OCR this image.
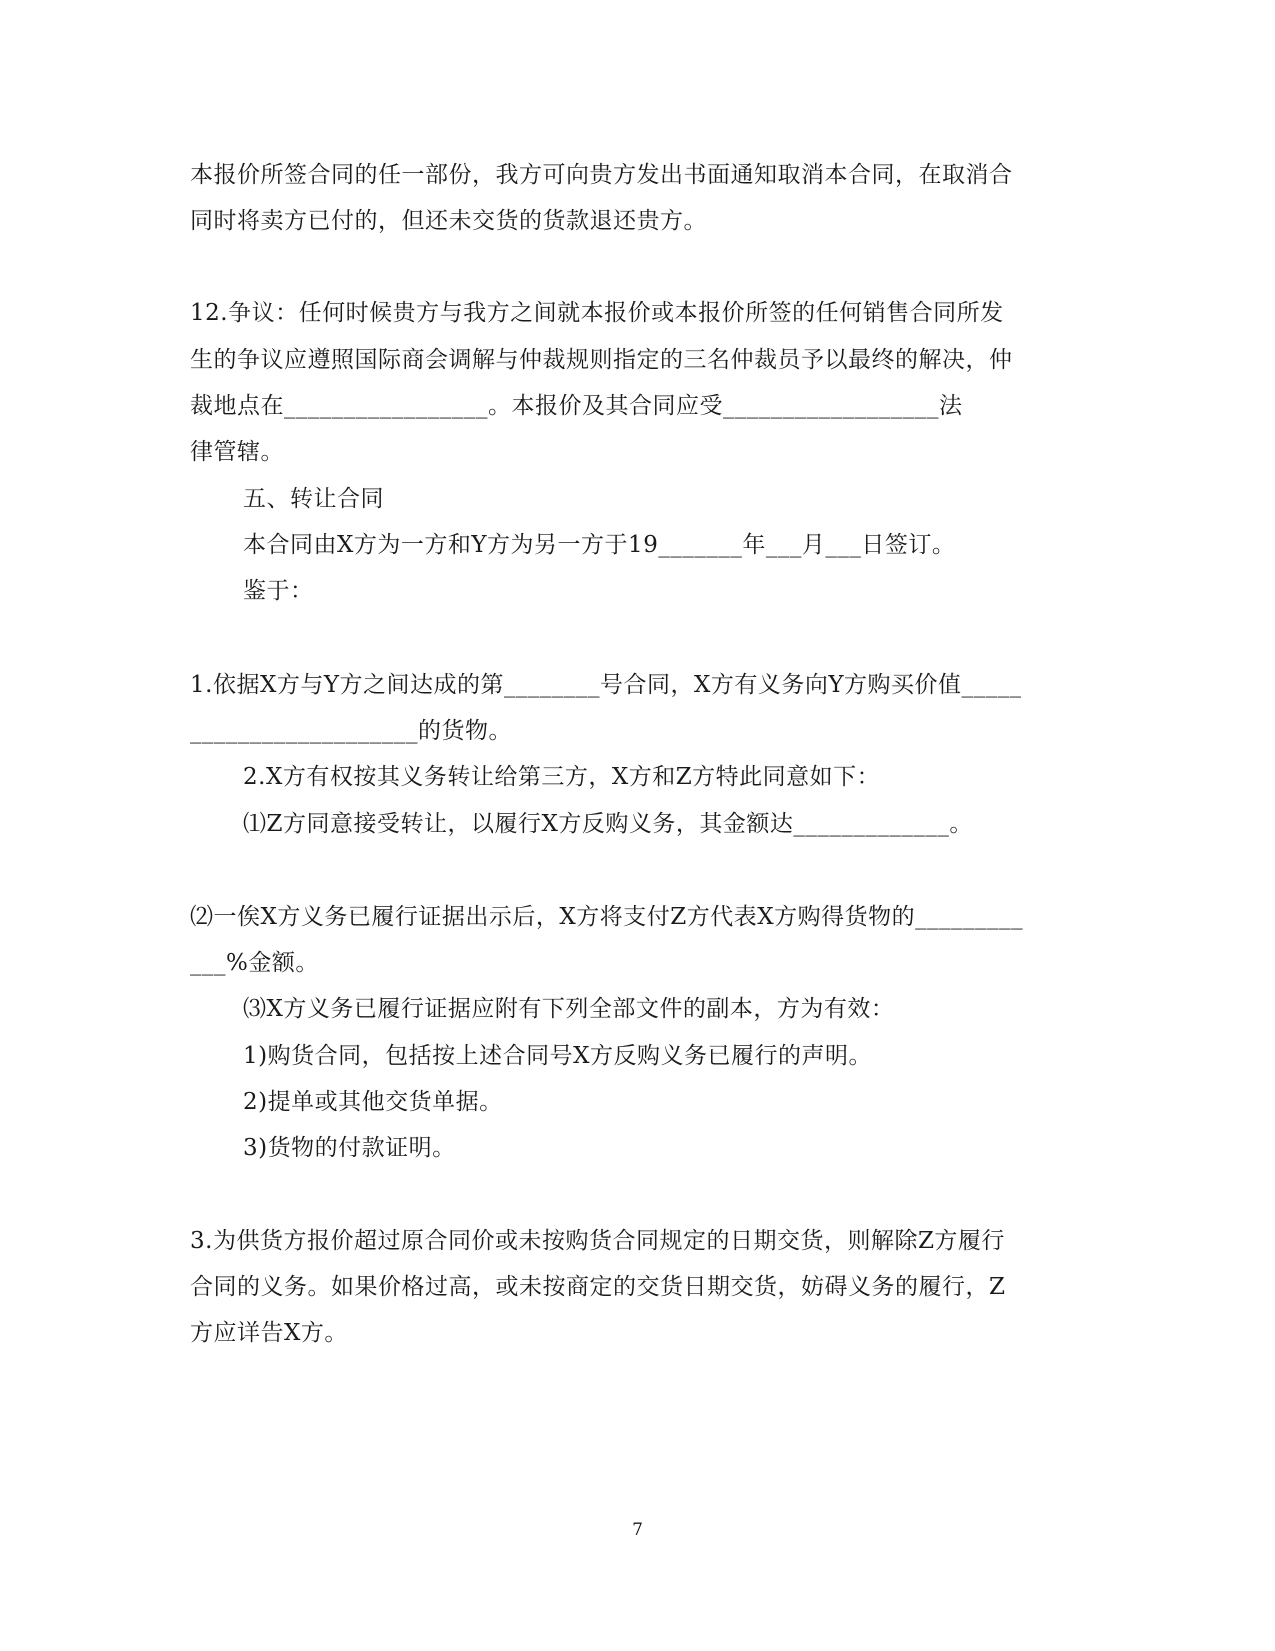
本报价所签合同的任一部份，我方可向贵方发出书面通知取消本合同，在取消合
同时将卖方已付的，但还未交货的货款退还贵方。
12.争议：任何时候贵方与我方之间就本报价或本报价所签的任何销售合同所发
生的争议应遵照国际商会调解与仲裁规则指定的三名仲裁员予以最终的解决，仲
裁地点在_________________。本报价及其合同应受__________________法
律管辖。
五、转让合同
本合同由X方为一方和Y方为另一方于19_______年___月___日签订。
鉴于：
1.依据X方与Y方之间达成的第________号合同，X方有义务向Y方购买价值_____
___________________的货物。
2.X方有权按其义务转让给第三方，X方和Z方特此同意如下：
⑴Z方同意接受转让，以履行X方反购义务，其金额达_____________。
⑵一俟X方义务已履行证据出示后，X方将支付Z方代表X方购得货物的_________
___%金额。
⑶X方义务已履行证据应附有下列全部文件的副本，方为有效：
1)购货合同，包括按上述合同号X方反购义务已履行的声明。
2)提单或其他交货单据。
3)货物的付款证明。
3.为供货方报价超过原合同价或未按购货合同规定的日期交货，则解除Z方履行
合同的义务。如果价格过高，或未按商定的交货日期交货，妨碍义务的履行，Z
方应详告X方。
7
